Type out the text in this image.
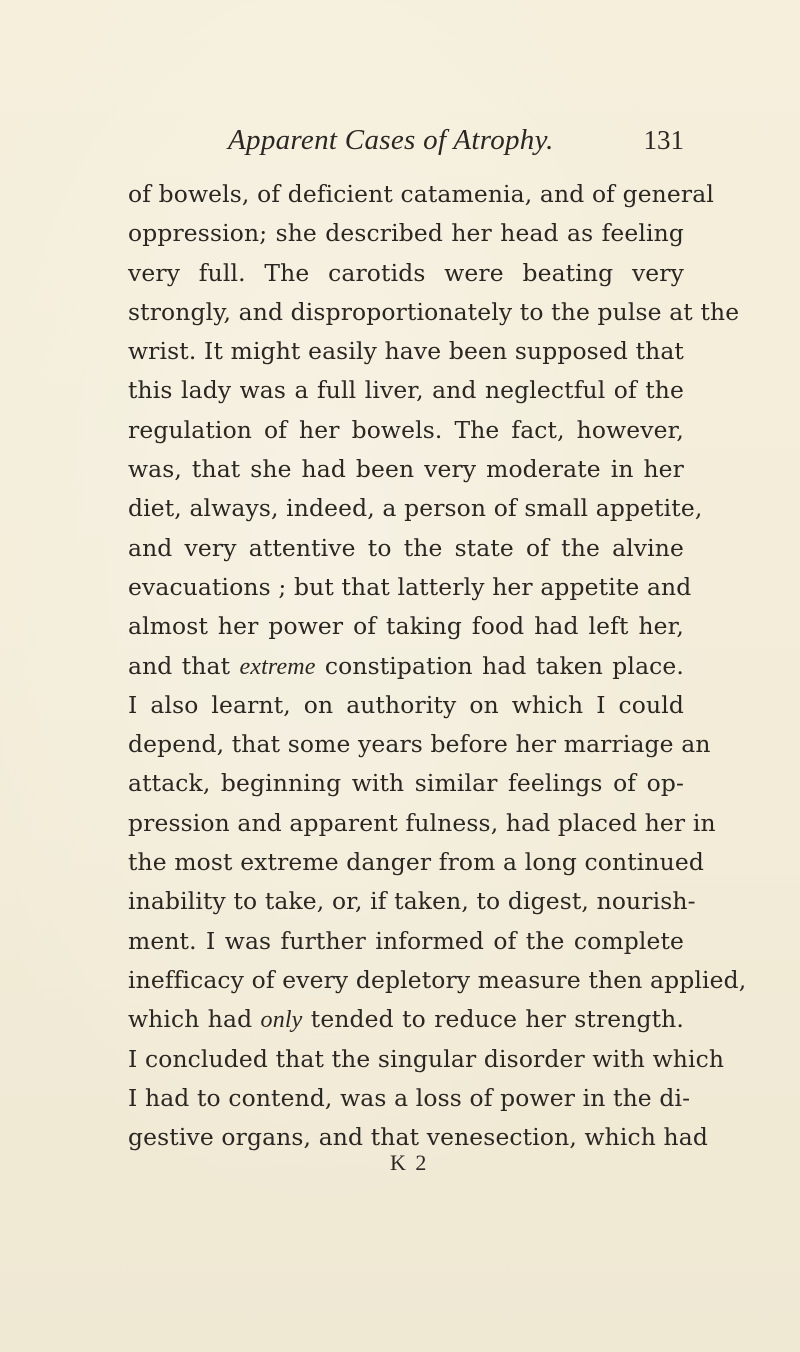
Apparent Cases of Atrophy.	131
of bowels, of deficient catamenia, and of general
oppression; she described her head as feeling
very full. The carotids were beating very
strongly, and disproportionately to the pulse at the
wrist. It might easily have been supposed that
this lady was a full liver, and neglectful of the
regulation of her bowels. The fact, however,
was, that she had been very moderate in her
diet, always, indeed, a person of small appetite,
and very attentive to the state of the alvine
evacuations ; but that latterly her appetite and
almost her power of taking food had left her,
and that extreme constipation had taken place.
I also learnt, on authority on which I could
depend, that some years before her marriage an
attack, beginning with similar feelings of op-
pression and apparent fulness, had placed her in
the most extreme danger from a long continued
inability to take, or, if taken, to digest, nourish-
ment. I was further informed of the complete
inefficacy of every depletory measure then applied,
which had only tended to reduce her strength.
I concluded that the singular disorder with which
I had to contend, was a loss of power in the di-
gestive organs, and that venesection, which had
K 2
